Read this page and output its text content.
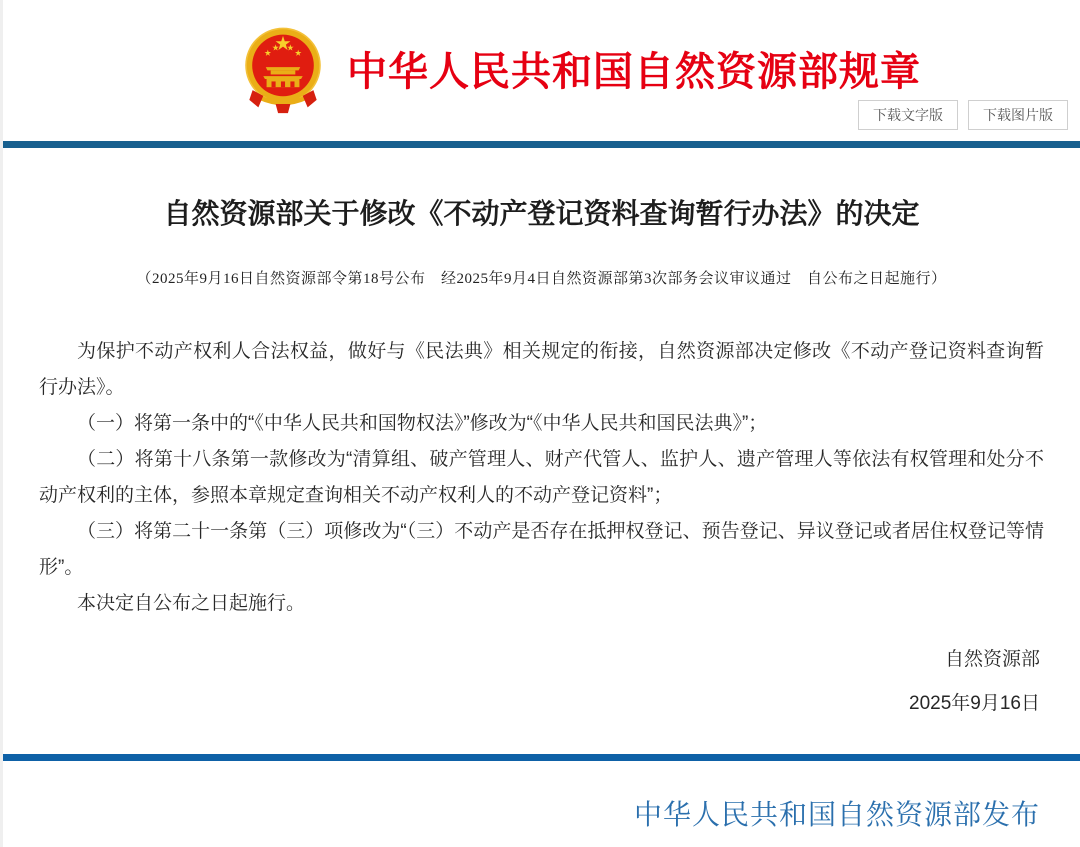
中华人民共和国自然资源部规章
下载文字版	下载图片版
自然资源部关于修改《不动产登记资料查询暂行办法》的决定

（2025年9月16日自然资源部令第18号公布　经2025年9月4日自然资源部第3次部务会议审议通过　自公布之日起施行）

为保护不动产权利人合法权益，做好与《民法典》相关规定的衔接，自然资源部决定修改《不动产登记资料查询暂行办法》。

（一）将第一条中的“《中华人民共和国物权法》”修改为“《中华人民共和国民法典》”；

（二）将第十八条第一款修改为“清算组、破产管理人、财产代管人、监护人、遗产管理人等依法有权管理和处分不动产权利的主体，参照本章规定查询相关不动产权利人的不动产登记资料”；

（三）将第二十一条第（三）项修改为“（三）不动产是否存在抵押权登记、预告登记、异议登记或者居住权登记等情形”。

本决定自公布之日起施行。

自然资源部

2025年9月16日

中华人民共和国自然资源部发布
